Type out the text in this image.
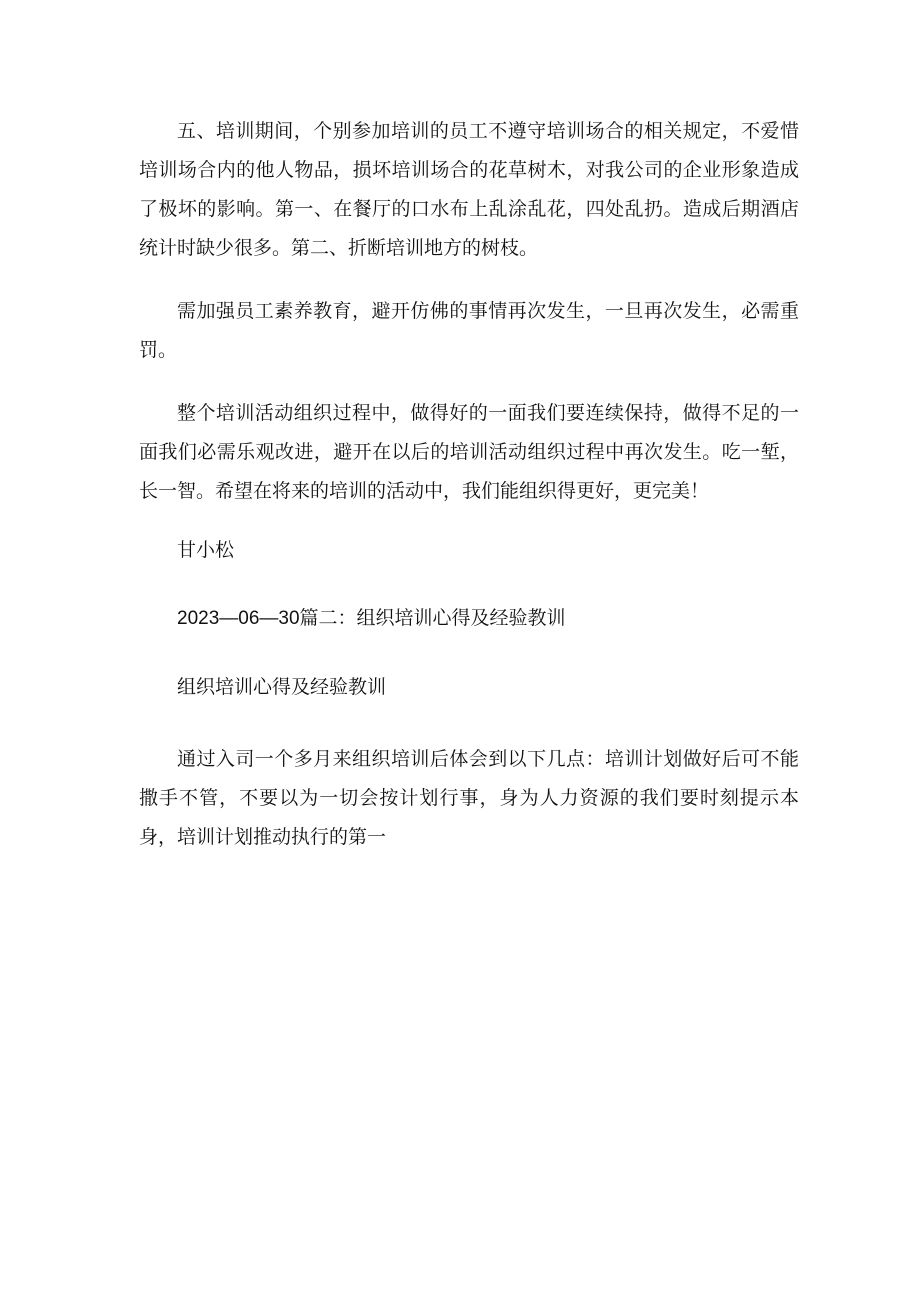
五、培训期间，个别参加培训的员工不遵守培训场合的相关规定，不爱惜培训场合内的他人物品，损坏培训场合的花草树木，对我公司的企业形象造成了极坏的影响。第一、在餐厅的口水布上乱涂乱花，四处乱扔。造成后期酒店统计时缺少很多。第二、折断培训地方的树枝。

需加强员工素养教育，避开仿佛的事情再次发生，一旦再次发生，必需重罚。

整个培训活动组织过程中，做得好的一面我们要连续保持，做得不足的一面我们必需乐观改进，避开在以后的培训活动组织过程中再次发生。吃一堑，长一智。希望在将来的培训的活动中，我们能组织得更好，更完美！

甘小松

2023—06—30篇二：组织培训心得及经验教训

组织培训心得及经验教训

通过入司一个多月来组织培训后体会到以下几点：培训计划做好后可不能撒手不管，不要以为一切会按计划行事，身为人力资源的我们要时刻提示本身，培训计划推动执行的第一
